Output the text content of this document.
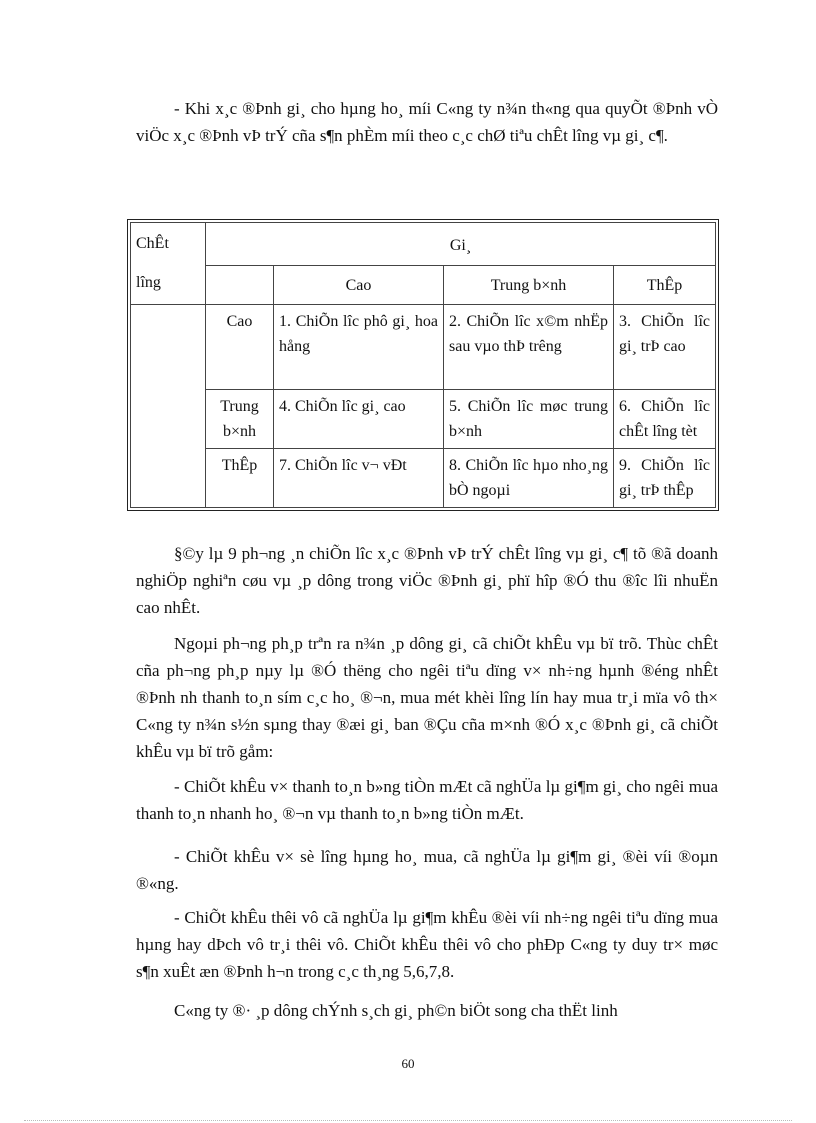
- Khi x¸c ®Þnh gi¸ cho hµng ho¸ míi C«ng ty n¾n th«ng qua quyÕt ®Þnh vÒ viÖc x¸c ®Þnh vÞ trÝ cña s¶n phÈm míi theo c¸c chØ tiªu chÊt lîng vµ gi¸ c¶.

ChÊt
lîng	Gi¸			
		Cao	Trung b×nh	ThÊp
	Cao	1. ChiÕn lîc phô gi¸ hoa hång	2. ChiÕn lîc x©m nhËp sau vµo thÞ trêng	3. ChiÕn lîc gi¸ trÞ cao
	Trung b×nh	4. ChiÕn lîc gi¸ cao	5. ChiÕn lîc møc trung b×nh	6. ChiÕn lîc chÊt lîng tèt
	ThÊp	7. ChiÕn lîc v¬ vÐt	8. ChiÕn lîc hµo nho¸ng bÒ ngoµi	9. ChiÕn lîc gi¸ trÞ thÊp

§©y lµ 9 ph¬ng ¸n chiÕn lîc x¸c ®Þnh vÞ trÝ chÊt lîng vµ gi¸ c¶ tõ ®ã doanh nghiÖp nghiªn cøu vµ ¸p dông trong viÖc ®Þnh gi¸ phï hîp ®Ó thu ®îc lîi nhuËn cao nhÊt.

Ngoµi ph¬ng ph¸p trªn ra n¾n ¸p dông gi¸ cã chiÕt khÊu vµ bï trõ. Thùc chÊt cña ph¬ng ph¸p nµy lµ ®Ó thëng cho ngêi tiªu dïng v× nh÷ng hµnh ®éng nhÊt ®Þnh nh thanh to¸n sím c¸c ho¸ ®¬n, mua mét khèi lîng lín hay mua tr¸i mïa vô th× C«ng ty n¾n s½n sµng thay ®æi gi¸ ban ®Çu cña m×nh ®Ó x¸c ®Þnh gi¸ cã chiÕt khÊu vµ bï trõ gåm:

- ChiÕt khÊu v× thanh to¸n b»ng tiÒn mÆt cã nghÜa lµ gi¶m gi¸ cho ngêi mua thanh to¸n nhanh ho¸ ®¬n vµ thanh to¸n b»ng tiÒn mÆt.

- ChiÕt khÊu v× sè lîng hµng ho¸ mua, cã nghÜa lµ gi¶m gi¸ ®èi víi ®oµn ®«ng.

- ChiÕt khÊu thêi vô cã nghÜa lµ gi¶m khÊu ®èi víi nh÷ng ngêi tiªu dïng mua hµng hay dÞch vô tr¸i thêi vô. ChiÕt khÊu thêi vô cho phÐp C«ng ty duy tr× møc s¶n xuÊt æn ®Þnh h¬n trong c¸c th¸ng 5,6,7,8.

C«ng ty ®· ¸p dông chÝnh s¸ch gi¸ ph©n biÖt song cha thËt linh

60
